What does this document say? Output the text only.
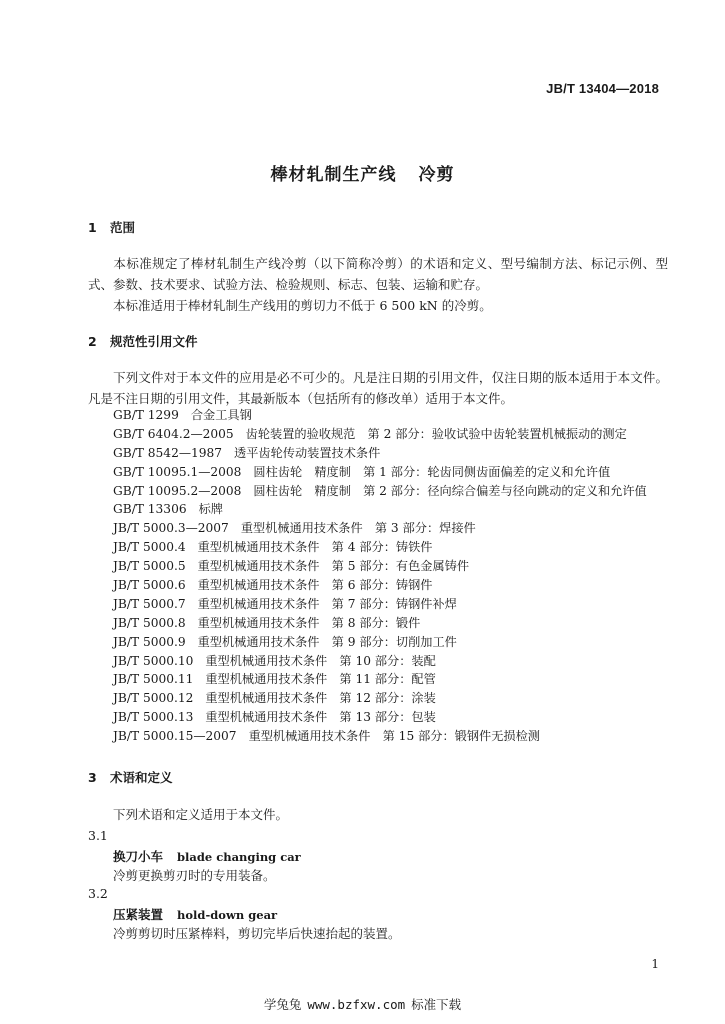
JB/T 13404—2018
棒材轧制生产线 冷剪
1 范围

本标准规定了棒材轧制生产线冷剪（以下简称冷剪）的术语和定义、型号编制方法、标记示例、型式、参数、技术要求、试验方法、检验规则、标志、包装、运输和贮存。

本标准适用于棒材轧制生产线用的剪切力不低于 6 500 kN 的冷剪。

2 规范性引用文件

下列文件对于本文件的应用是必不可少的。凡是注日期的引用文件，仅注日期的版本适用于本文件。凡是不注日期的引用文件，其最新版本（包括所有的修改单）适用于本文件。

GB/T 1299 合金工具钢
GB/T 6404.2—2005 齿轮装置的验收规范　第 2 部分：验收试验中齿轮装置机械振动的测定
GB/T 8542—1987 透平齿轮传动装置技术条件
GB/T 10095.1—2008 圆柱齿轮　精度制　第 1 部分：轮齿同侧齿面偏差的定义和允许值
GB/T 10095.2—2008 圆柱齿轮　精度制　第 2 部分：径向综合偏差与径向跳动的定义和允许值
GB/T 13306 标牌
JB/T 5000.3—2007 重型机械通用技术条件　第 3 部分：焊接件
JB/T 5000.4 重型机械通用技术条件　第 4 部分：铸铁件
JB/T 5000.5 重型机械通用技术条件　第 5 部分：有色金属铸件
JB/T 5000.6 重型机械通用技术条件　第 6 部分：铸钢件
JB/T 5000.7 重型机械通用技术条件　第 7 部分：铸钢件补焊
JB/T 5000.8 重型机械通用技术条件　第 8 部分：锻件
JB/T 5000.9 重型机械通用技术条件　第 9 部分：切削加工件
JB/T 5000.10 重型机械通用技术条件　第 10 部分：装配
JB/T 5000.11 重型机械通用技术条件　第 11 部分：配管
JB/T 5000.12 重型机械通用技术条件　第 12 部分：涂装
JB/T 5000.13 重型机械通用技术条件　第 13 部分：包装
JB/T 5000.15—2007 重型机械通用技术条件　第 15 部分：锻钢件无损检测
3 术语和定义

下列术语和定义适用于本文件。

3.1
换刀小车 blade changing car
冷剪更换剪刃时的专用装备。
3.2
压紧装置 hold-down gear
冷剪剪切时压紧棒料，剪切完毕后快速抬起的装置。
1
学兔兔 www.bzfxw.com 标准下载
